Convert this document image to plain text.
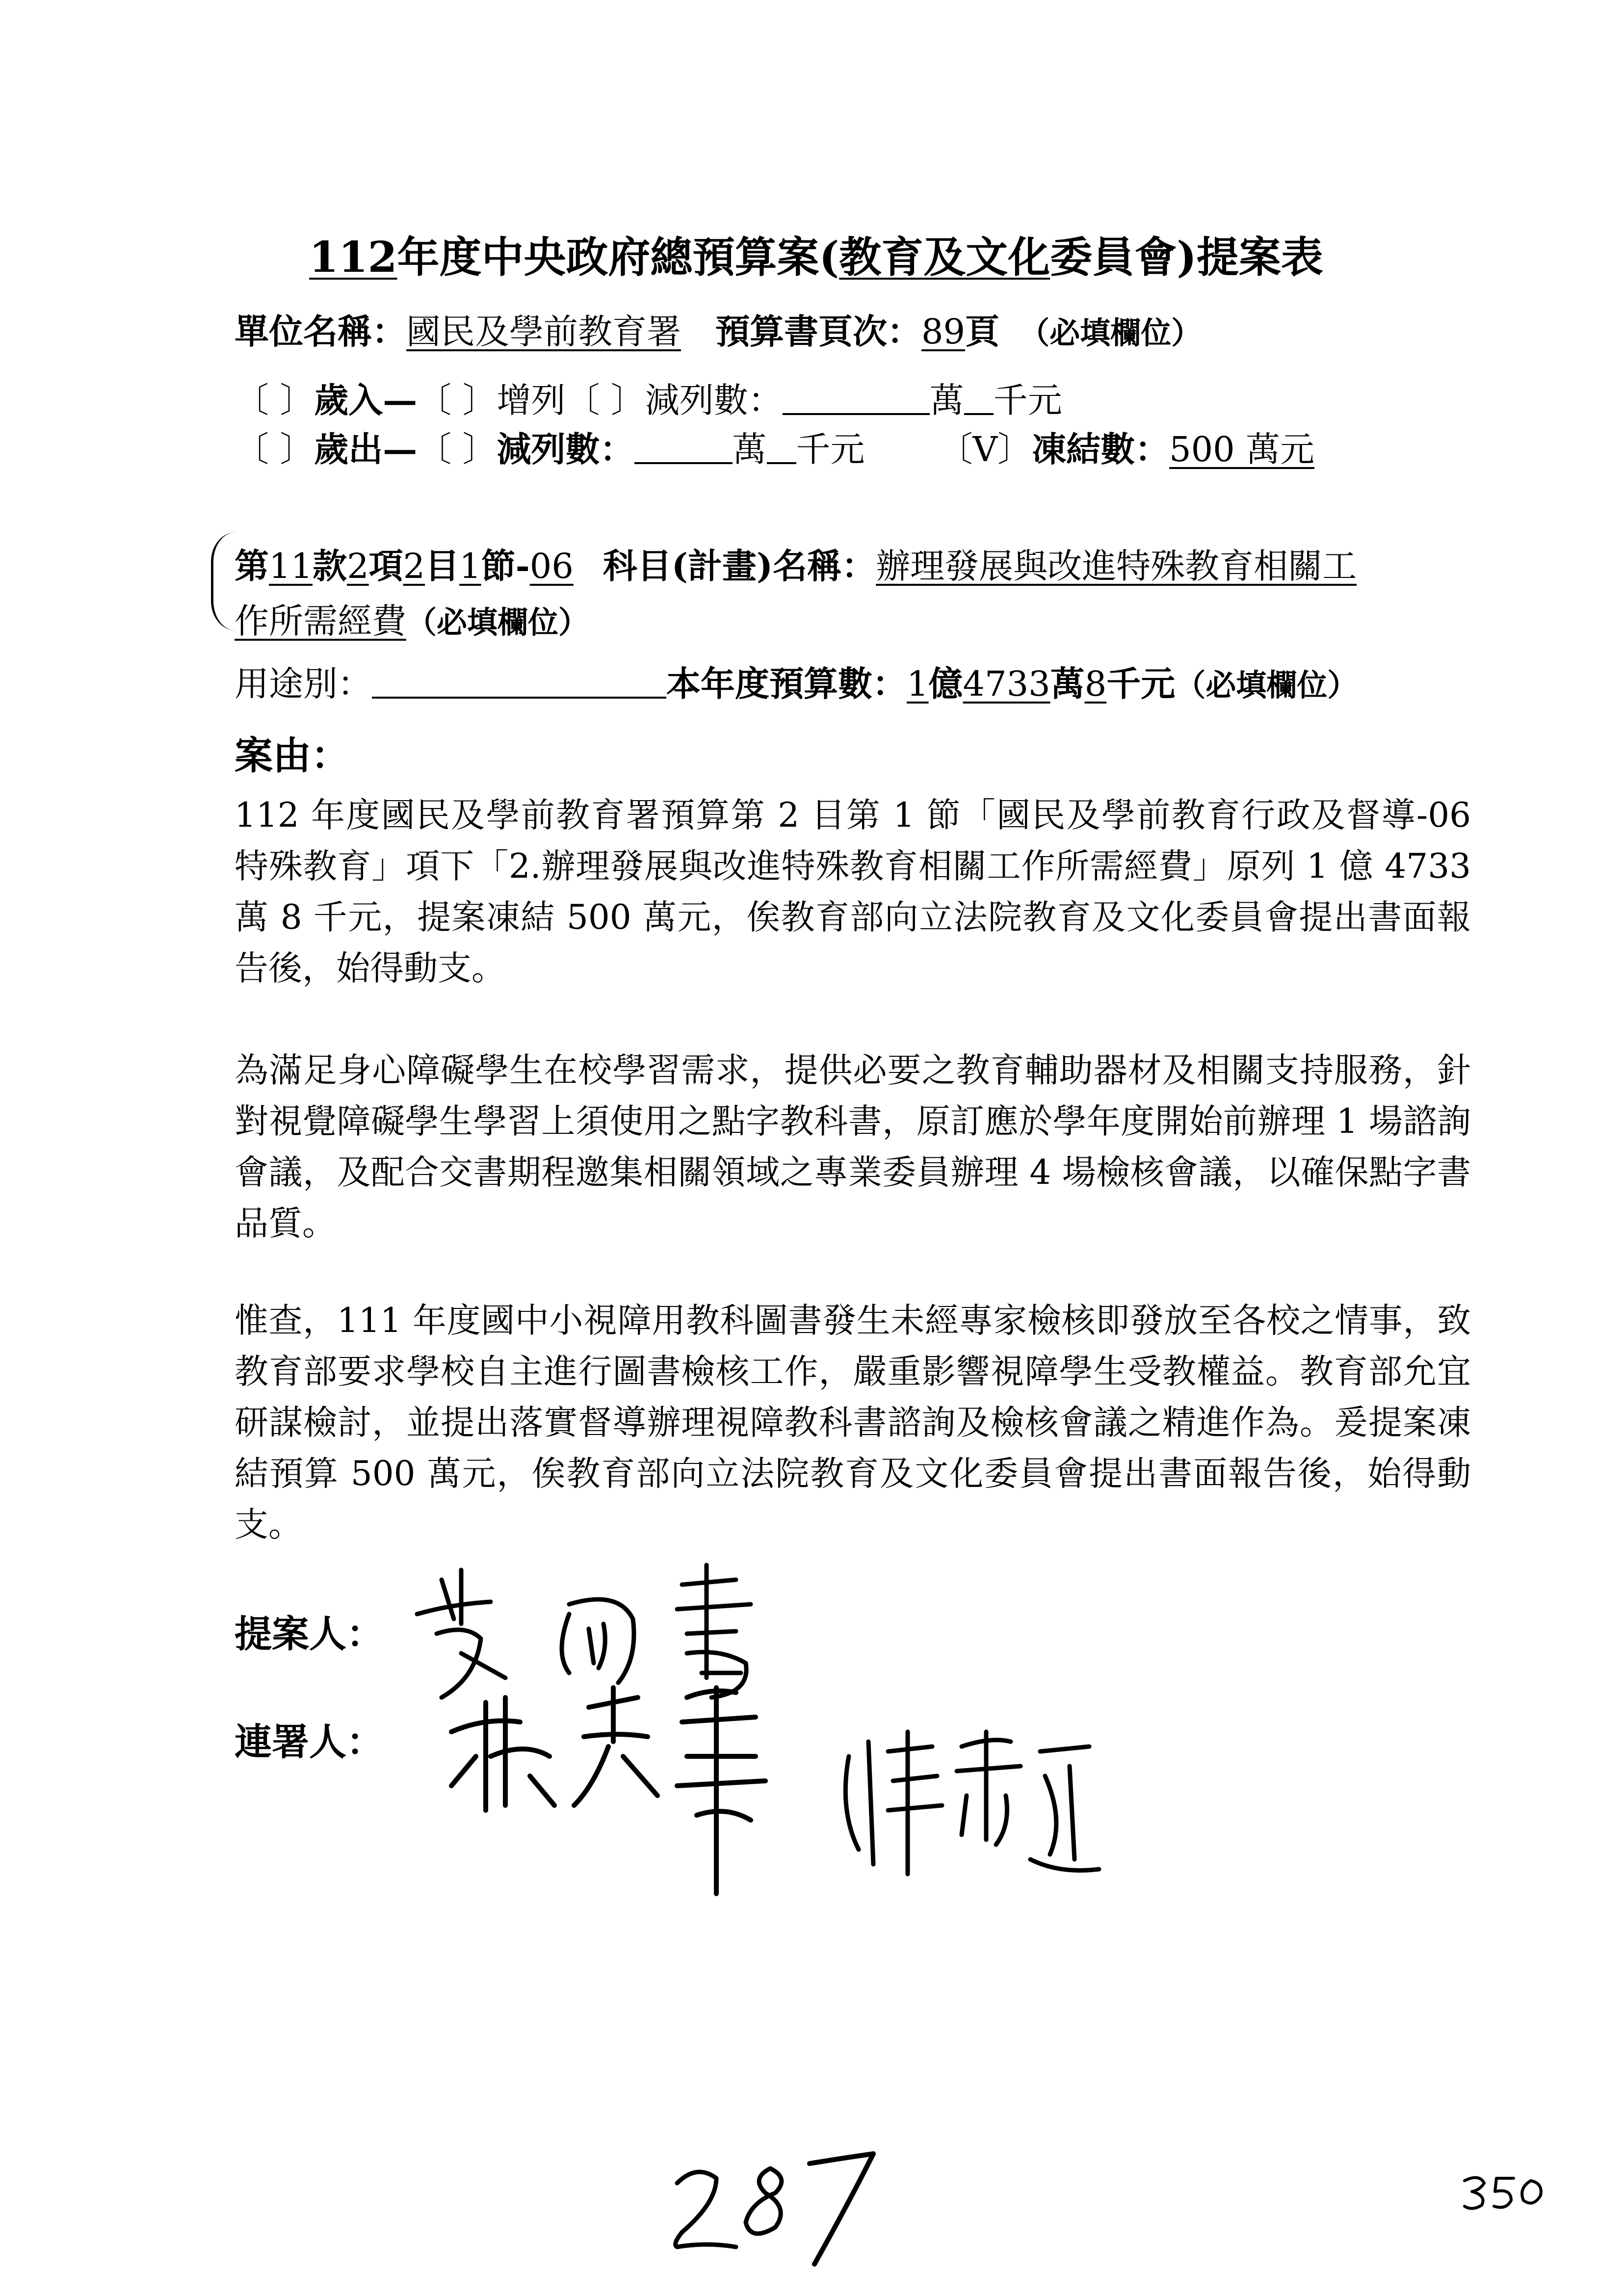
112年度中央政府總預算案(教育及文化委員會)提案表
單位名稱：國民及學前教育署 預算書頁次：89頁 （必填欄位）
〔 〕歲入—〔 〕增列〔 〕減列數：	萬 千元
〔 〕歲出—〔 〕減列數：	萬 千元 〔V〕凍結數：500 萬元
第11款2項2目1節-06 科目(計畫)名稱：辦理發展與改進特殊教育相關工
作所需經費（必填欄位）
用途別：	本年度預算數：1億4733萬8千元（必填欄位）
案由：
112 年度國民及學前教育署預算第 2 目第 1 節「國民及學前教育行政及督導-06 特殊教育」項下「2.辦理發展與改進特殊教育相關工作所需經費」原列 1 億 4733 萬 8 千元，提案凍結 500 萬元，俟教育部向立法院教育及文化委員會提出書面報告後，始得動支。
為滿足身心障礙學生在校學習需求，提供必要之教育輔助器材及相關支持服務，針對視覺障礙學生學習上須使用之點字教科書，原訂應於學年度開始前辦理 1 場諮詢會議，及配合交書期程邀集相關領域之專業委員辦理 4 場檢核會議，以確保點字書品質。
惟查，111 年度國中小視障用教科圖書發生未經專家檢核即發放至各校之情事，致教育部要求學校自主進行圖書檢核工作，嚴重影響視障學生受教權益。教育部允宜研謀檢討，並提出落實督導辦理視障教科書諮詢及檢核會議之精進作為。爰提案凍結預算 500 萬元，俟教育部向立法院教育及文化委員會提出書面報告後，始得動支。
提案人：
連署人：
